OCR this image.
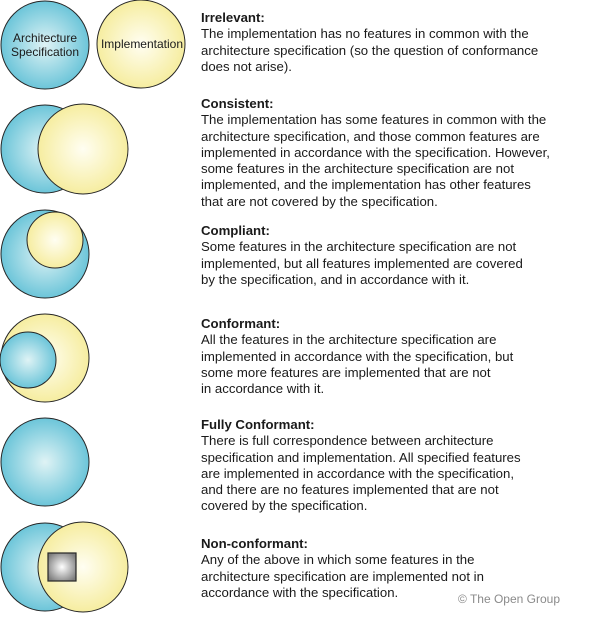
Architecture
Specification
Implementation
Irrelevant:
The implementation has no features in common with the
architecture specification (so the question of conformance
does not arise).
Consistent:
The implementation has some features in common with the
architecture specification, and those common features are
implemented in accordance with the specification. However,
some features in the architecture specification are not
implemented, and the implementation has other features
that are not covered by the specification.
Compliant:
Some features in the architecture specification are not
implemented, but all features implemented are covered
by the specification, and in accordance with it.
Conformant:
All the features in the architecture specification are
implemented in accordance with the specification, but
some more features are implemented that are not
in accordance with it.
Fully Conformant:
There is full correspondence between architecture
specification and implementation. All specified features
are implemented in accordance with the specification,
and there are no features implemented that are not
covered by the specification.
Non-conformant:
Any of the above in which some features in the
architecture specification are implemented not in
accordance with the specification.	© The Open Group
